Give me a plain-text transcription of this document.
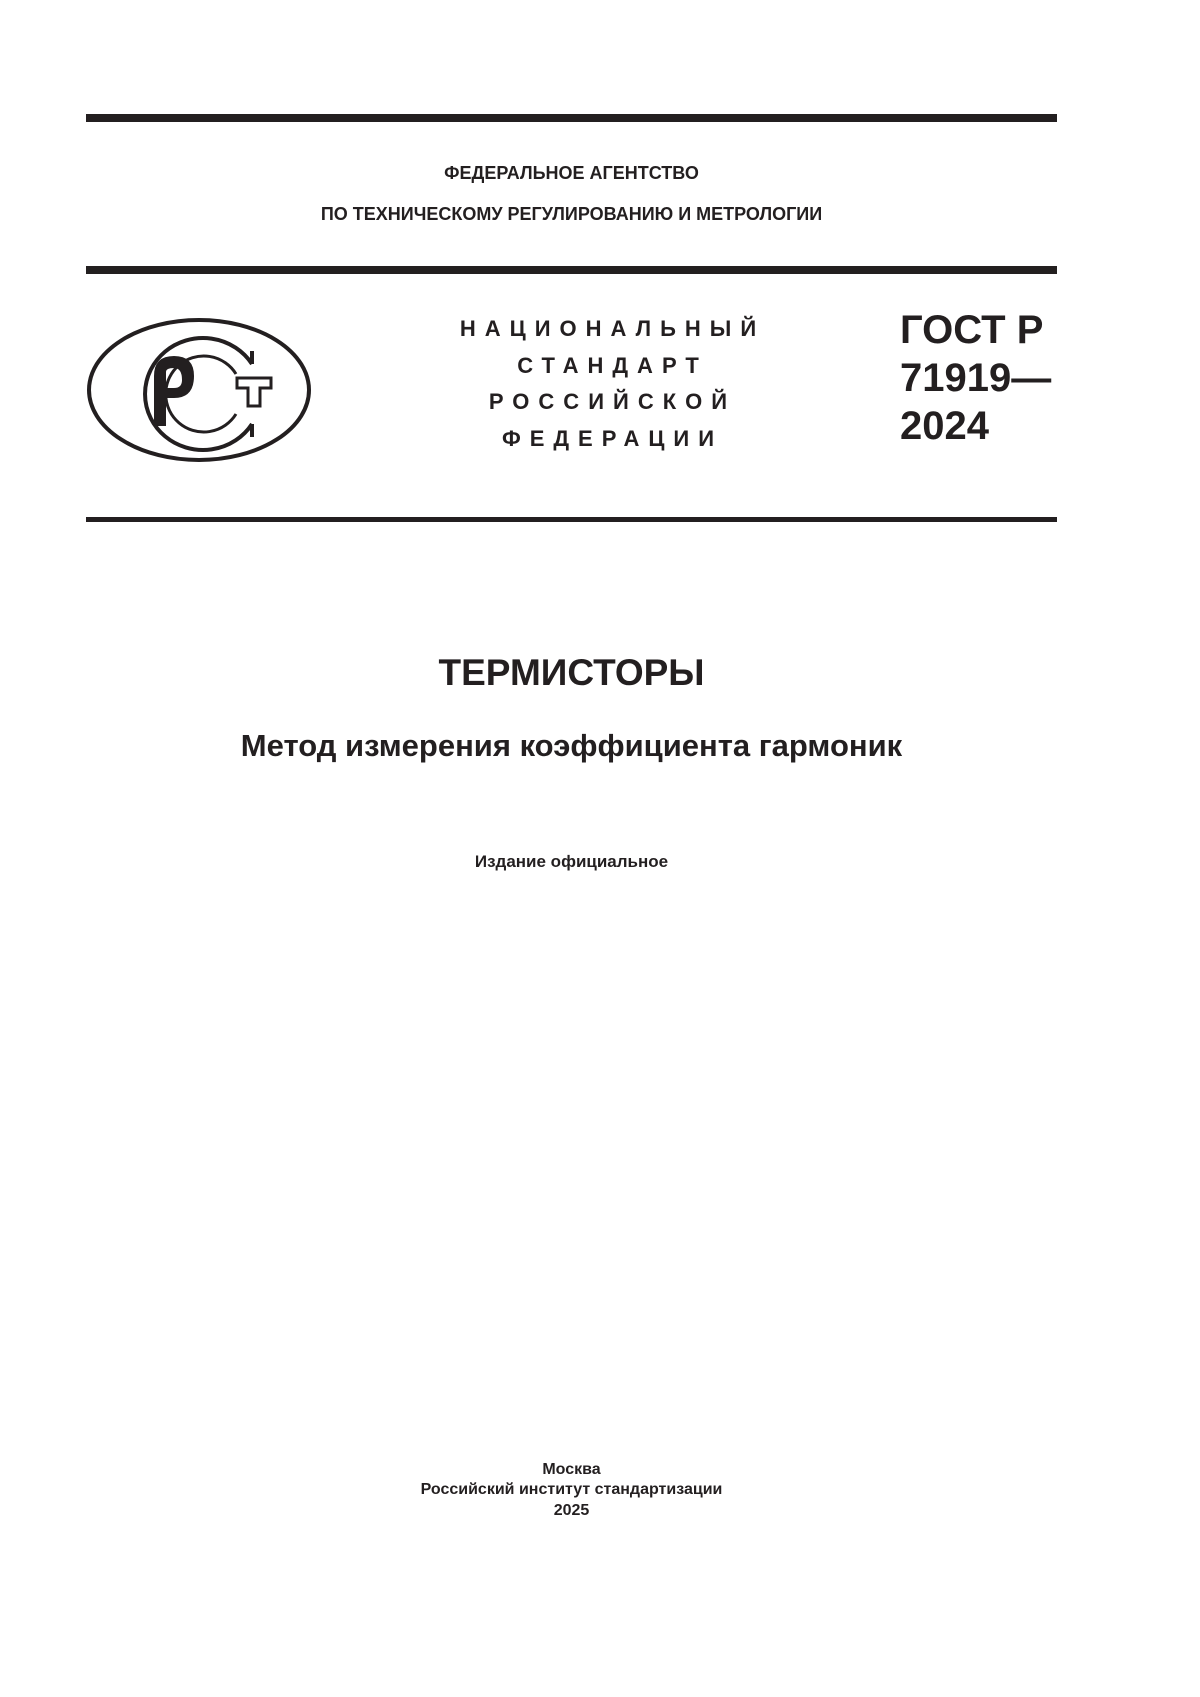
ФЕДЕРАЛЬНОЕ АГЕНТСТВО
ПО ТЕХНИЧЕСКОМУ РЕГУЛИРОВАНИЮ И МЕТРОЛОГИИ
НАЦИОНАЛЬНЫЙ
СТАНДАРТ
РОССИЙСКОЙ
ФЕДЕРАЦИИ
ГОСТ Р
71919—
2024
ТЕРМИСТОРЫ
Метод измерения коэффициента гармоник
Издание официальное
Москва
Российский институт стандартизации
2025
